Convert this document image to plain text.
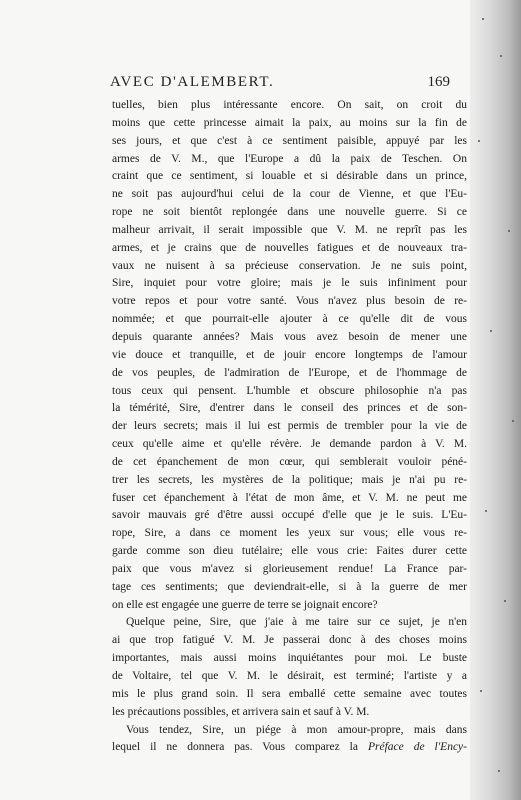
AVEC D'ALEMBERT.	169
tuelles, bien plus intéressante encore. On sait, on croit du
moins que cette princesse aimait la paix, au moins sur la fin de
ses jours, et que c'est à ce sentiment paisible, appuyé par les
armes de V. M., que l'Europe a dû la paix de Teschen. On
craint que ce sentiment, si louable et si désirable dans un prince,
ne soit pas aujourd'hui celui de la cour de Vienne, et que l'Eu-
rope ne soit bientôt replongée dans une nouvelle guerre. Si ce
malheur arrivait, il serait impossible que V. M. ne reprît pas les
armes, et je crains que de nouvelles fatigues et de nouveaux tra-
vaux ne nuisent à sa précieuse conservation. Je ne suis point,
Sire, inquiet pour votre gloire; mais je le suis infiniment pour
votre repos et pour votre santé. Vous n'avez plus besoin de re-
nommée; et que pourrait-elle ajouter à ce qu'elle dit de vous
depuis quarante années? Mais vous avez besoin de mener une
vie douce et tranquille, et de jouir encore longtemps de l'amour
de vos peuples, de l'admiration de l'Europe, et de l'hommage de
tous ceux qui pensent. L'humble et obscure philosophie n'a pas
la témérité, Sire, d'entrer dans le conseil des princes et de son-
der leurs secrets; mais il lui est permis de trembler pour la vie de
ceux qu'elle aime et qu'elle révère. Je demande pardon à V. M.
de cet épanchement de mon cœur, qui semblerait vouloir péné-
trer les secrets, les mystères de la politique; mais je n'ai pu re-
fuser cet épanchement à l'état de mon âme, et V. M. ne peut me
savoir mauvais gré d'être aussi occupé d'elle que je le suis. L'Eu-
rope, Sire, a dans ce moment les yeux sur vous; elle vous re-
garde comme son dieu tutélaire; elle vous crie: Faites durer cette
paix que vous m'avez si glorieusement rendue! La France par-
tage ces sentiments; que deviendrait-elle, si à la guerre de mer
on elle est engagée une guerre de terre se joignait encore?
Quelque peine, Sire, que j'aie à me taire sur ce sujet, je n'en
ai que trop fatigué V. M. Je passerai donc à des choses moins
importantes, mais aussi moins inquiétantes pour moi. Le buste
de Voltaire, tel que V. M. le désirait, est terminé; l'artiste y a
mis le plus grand soin. Il sera emballé cette semaine avec toutes
les précautions possibles, et arrivera sain et sauf à V. M.
Vous tendez, Sire, un piége à mon amour-propre, mais dans
lequel il ne donnera pas. Vous comparez la Préface de l'Ency-
